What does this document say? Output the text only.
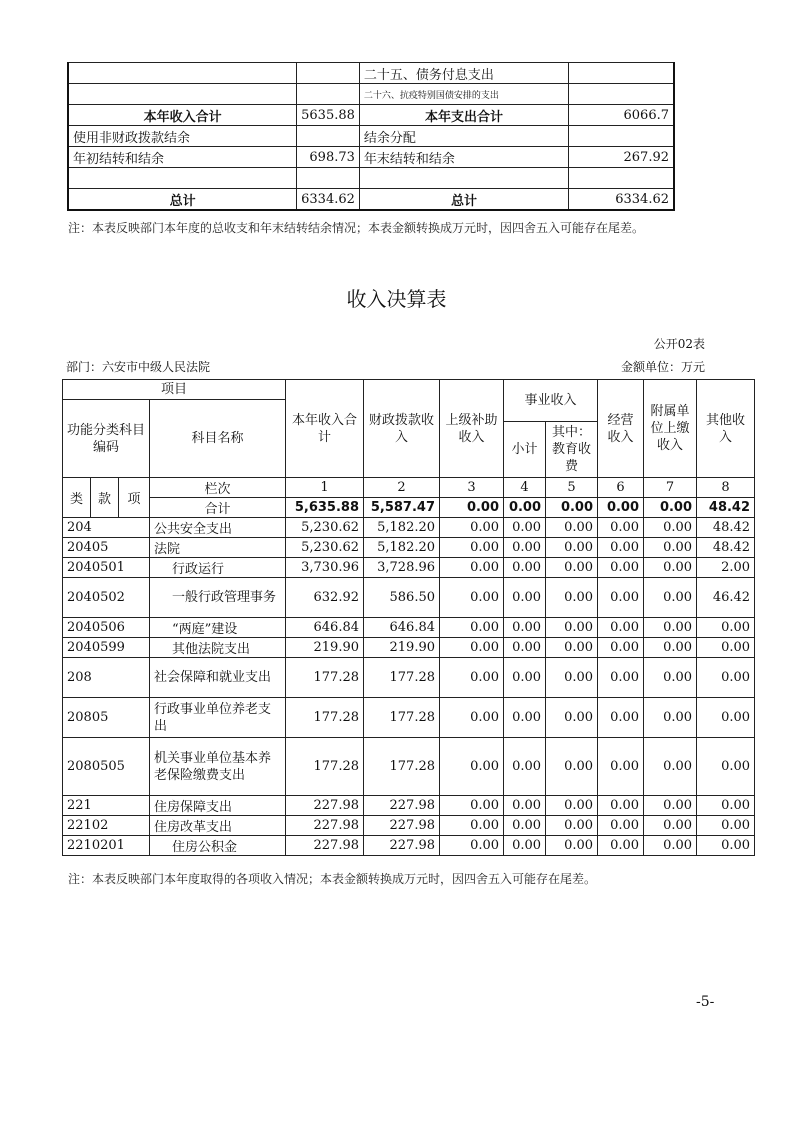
		二十五、债务付息支出	
		二十六、抗疫特别国债安排的支出	
本年收入合计	5635.88	本年支出合计	6066.7
使用非财政拨款结余		结余分配	
年初结转和结余	698.73	年末结转和结余	267.92

总计	6334.62	总计	6334.62
注：本表反映部门本年度的总收支和年末结转结余情况；本表金额转换成万元时，因四舍五入可能存在尾差。
收入决算表
公开02表
部门：六安市中级人民法院	金额单位：万元
项目				本年收入合计	财政拨款收入	上级补助收入	事业收入		经营收入	附属单位上缴收入	其他收入
功能分类科目编码			科目名称								
							小计	其中：教育收费			
类	款	项	栏次	1	2	3	4	5	6	7	8
			合计	5,635.88	5,587.47	0.00	0.00	0.00	0.00	0.00	48.42
204			公共安全支出	5,230.62	5,182.20	0.00	0.00	0.00	0.00	0.00	48.42
20405			法院	5,230.62	5,182.20	0.00	0.00	0.00	0.00	0.00	48.42
2040501			行政运行	3,730.96	3,728.96	0.00	0.00	0.00	0.00	0.00	2.00
2040502			一般行政管理事务	632.92	586.50	0.00	0.00	0.00	0.00	0.00	46.42
2040506			“两庭”建设	646.84	646.84	0.00	0.00	0.00	0.00	0.00	0.00
2040599			其他法院支出	219.90	219.90	0.00	0.00	0.00	0.00	0.00	0.00
208			社会保障和就业支出	177.28	177.28	0.00	0.00	0.00	0.00	0.00	0.00
20805			行政事业单位养老支出	177.28	177.28	0.00	0.00	0.00	0.00	0.00	0.00
2080505			机关事业单位基本养老保险缴费支出	177.28	177.28	0.00	0.00	0.00	0.00	0.00	0.00
221			住房保障支出	227.98	227.98	0.00	0.00	0.00	0.00	0.00	0.00
22102			住房改革支出	227.98	227.98	0.00	0.00	0.00	0.00	0.00	0.00
2210201			住房公积金	227.98	227.98	0.00	0.00	0.00	0.00	0.00	0.00
注：本表反映部门本年度取得的各项收入情况；本表金额转换成万元时，因四舍五入可能存在尾差。
-5-
